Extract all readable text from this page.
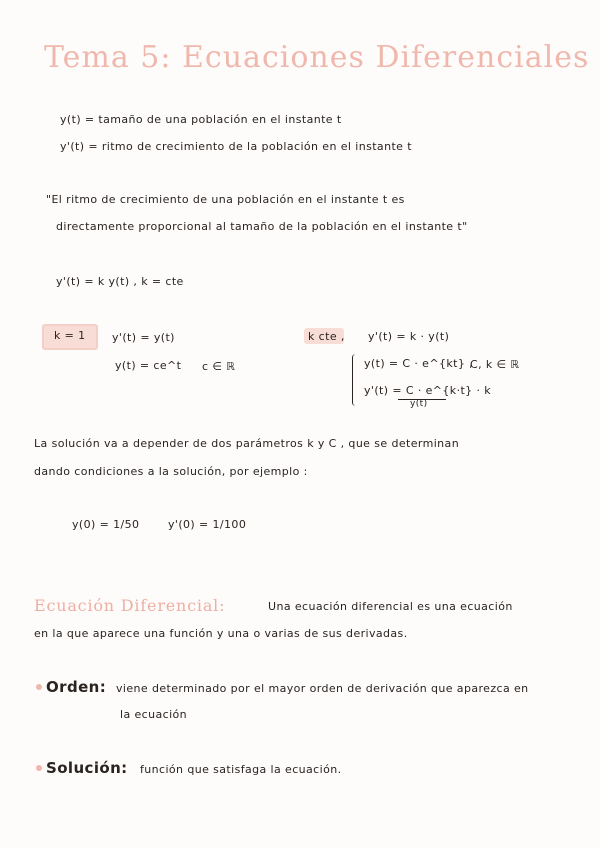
Tema 5: Ecuaciones Diferenciales
y(t) = tamaño de una población en el instante t
y'(t) = ritmo de crecimiento de la población en el instante t
"El ritmo de crecimiento de una población en el instante t es
directamente proporcional al tamaño de la población en el instante t"
y'(t) = k y(t) , k = cte
k = 1 y'(t) = y(t)
y(t) = ce^t c ∈ ℝ
k cte , y'(t) = k · y(t)
y(t) = C · e^{kt} ,
C, k ∈ ℝ
y'(t) = C · e^{k·t} · k
y(t)
La solución va a depender de dos parámetros k y C , que se determinan
dando condiciones a la solución, por ejemplo :
y(0) = 1/50	y'(0) = 1/100
Ecuación Diferencial:	Una ecuación diferencial es una ecuación
en la que aparece una función y una o varias de sus derivadas.
Orden: viene determinado por el mayor orden de derivación que aparezca en
la ecuación
Solución: función que satisfaga la ecuación.
